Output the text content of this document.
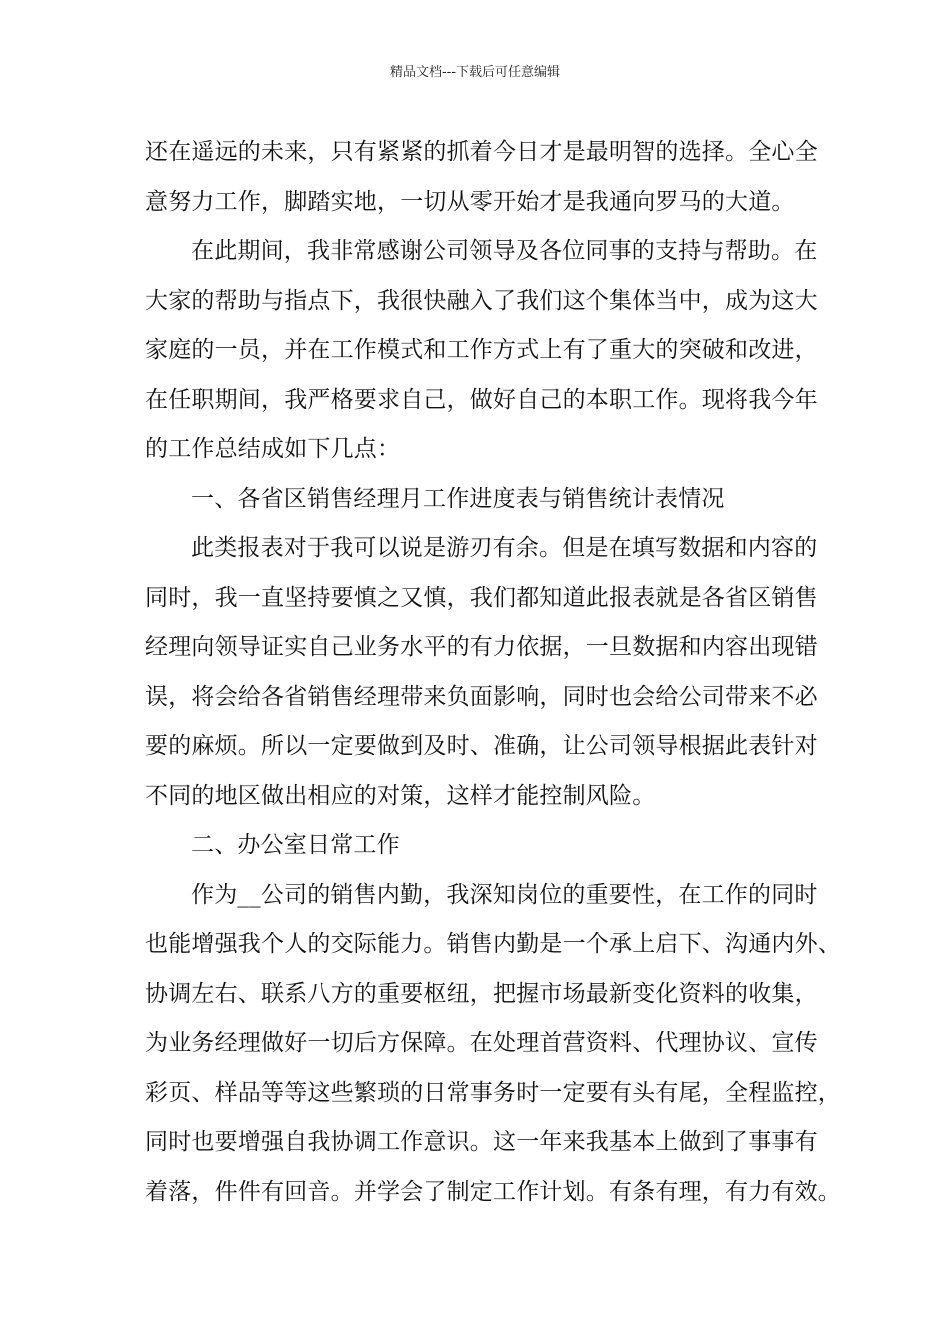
精品文档---下载后可任意编辑
还在遥远的未来，只有紧紧的抓着今日才是最明智的选择。全心全
意努力工作，脚踏实地，一切从零开始才是我通向罗马的大道。
在此期间，我非常感谢公司领导及各位同事的支持与帮助。在
大家的帮助与指点下，我很快融入了我们这个集体当中，成为这大
家庭的一员，并在工作模式和工作方式上有了重大的突破和改进，
在任职期间，我严格要求自己，做好自己的本职工作。现将我今年
的工作总结成如下几点：
一、各省区销售经理月工作进度表与销售统计表情况
此类报表对于我可以说是游刃有余。但是在填写数据和内容的
同时，我一直坚持要慎之又慎，我们都知道此报表就是各省区销售
经理向领导证实自己业务水平的有力依据，一旦数据和内容出现错
误，将会给各省销售经理带来负面影响，同时也会给公司带来不必
要的麻烦。所以一定要做到及时、准确，让公司领导根据此表针对
不同的地区做出相应的对策，这样才能控制风险。
二、办公室日常工作
作为__公司的销售内勤，我深知岗位的重要性，在工作的同时
也能增强我个人的交际能力。销售内勤是一个承上启下、沟通内外、
协调左右、联系八方的重要枢纽，把握市场最新变化资料的收集，
为业务经理做好一切后方保障。在处理首营资料、代理协议、宣传
彩页、样品等等这些繁琐的日常事务时一定要有头有尾，全程监控，
同时也要增强自我协调工作意识。这一年来我基本上做到了事事有
着落，件件有回音。并学会了制定工作计划。有条有理，有力有效。
